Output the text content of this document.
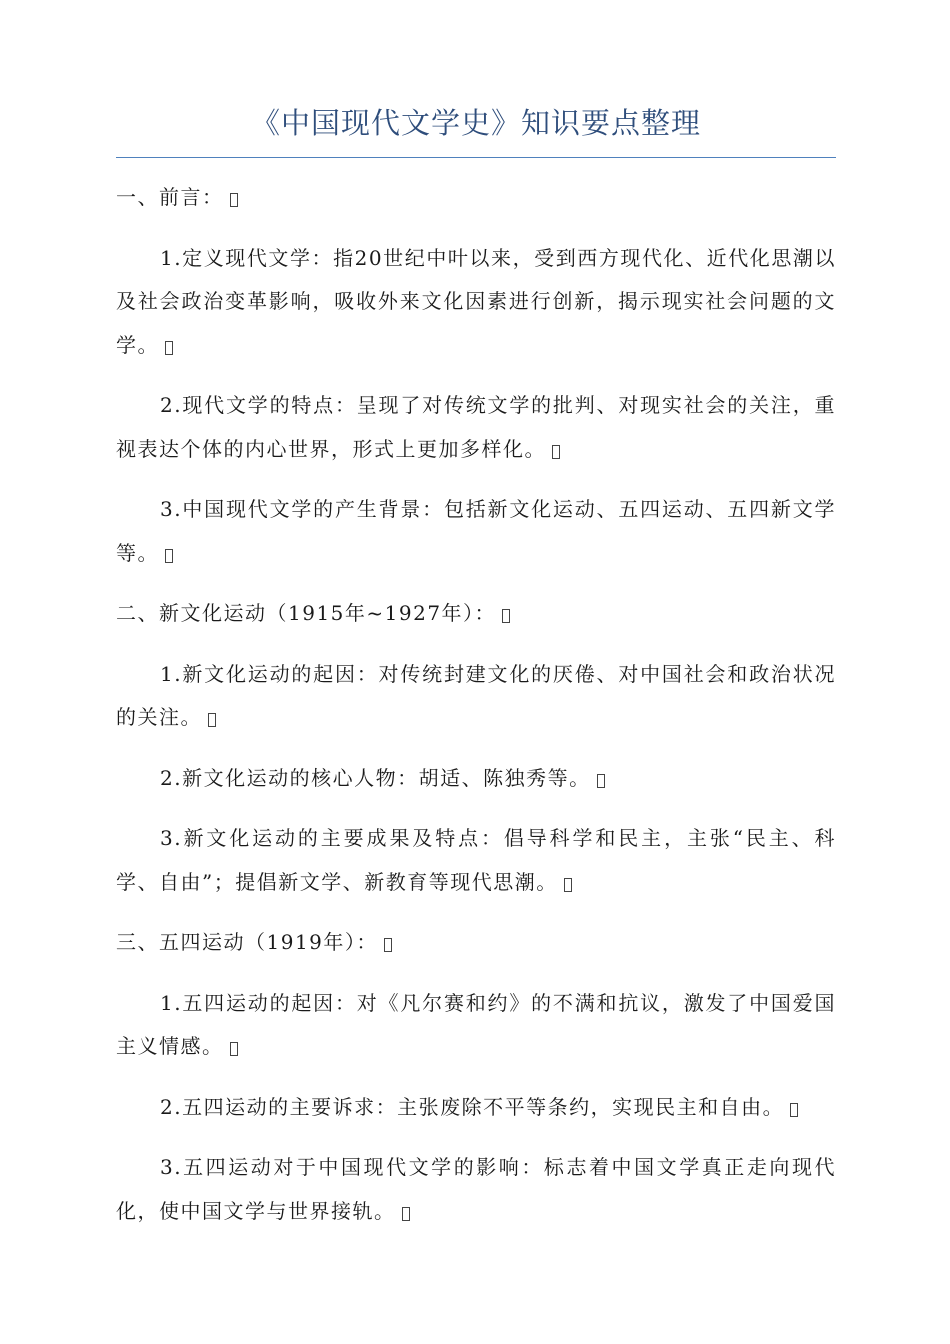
《中国现代文学史》知识要点整理

一、前言：

1.定义现代文学：指20世纪中叶以来，受到西方现代化、近代化思潮以及社会政治变革影响，吸收外来文化因素进行创新，揭示现实社会问题的文学。

2.现代文学的特点：呈现了对传统文学的批判、对现实社会的关注，重视表达个体的内心世界，形式上更加多样化。

3.中国现代文学的产生背景：包括新文化运动、五四运动、五四新文学等。

二、新文化运动（1915年~1927年）：

1.新文化运动的起因：对传统封建文化的厌倦、对中国社会和政治状况的关注。

2.新文化运动的核心人物：胡适、陈独秀等。

3.新文化运动的主要成果及特点：倡导科学和民主，主张“民主、科学、自由”；提倡新文学、新教育等现代思潮。

三、五四运动（1919年）：

1.五四运动的起因：对《凡尔赛和约》的不满和抗议，激发了中国爱国主义情感。

2.五四运动的主要诉求：主张废除不平等条约，实现民主和自由。

3.五四运动对于中国现代文学的影响：标志着中国文学真正走向现代化，使中国文学与世界接轨。
